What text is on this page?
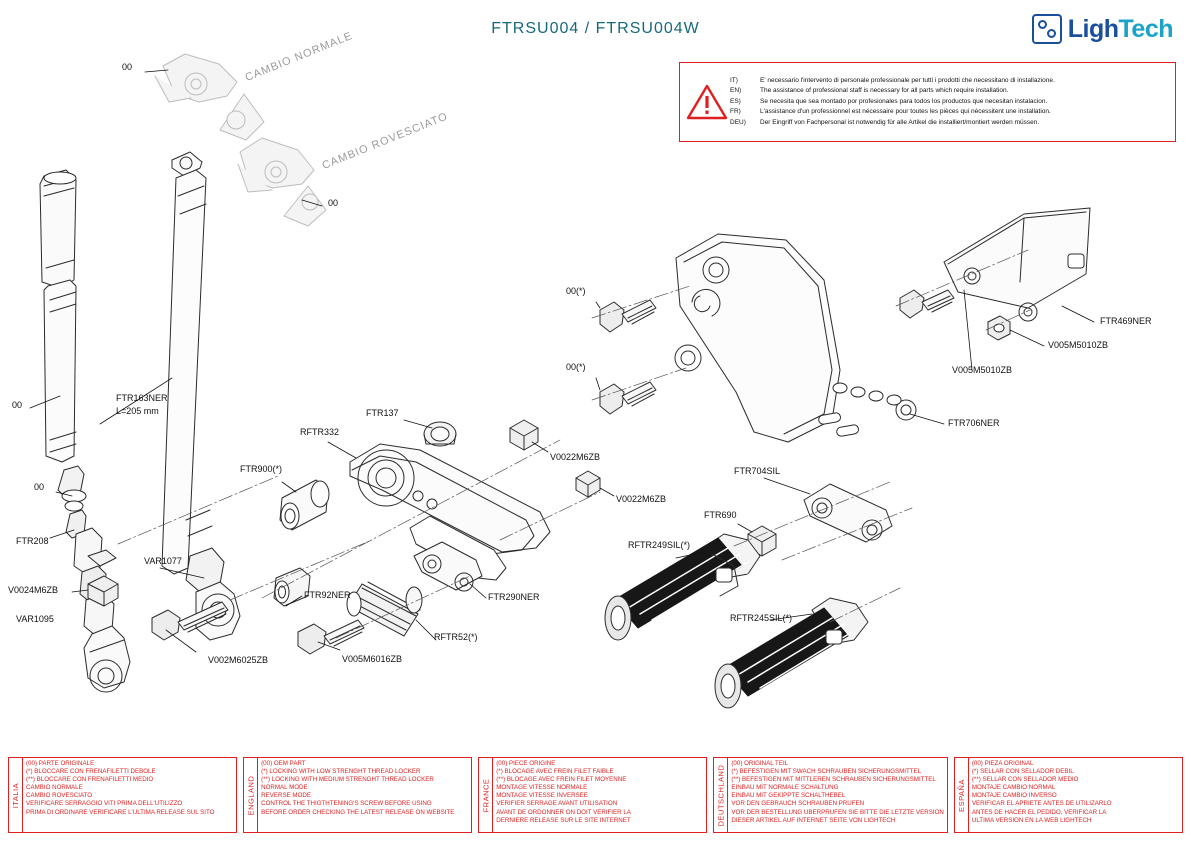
FTRSU004 / FTRSU004W	LighTech
CAMBIO NORMALE
CAMBIO ROVESCIATO
00
00
00
00
00(*)
00(*)
FTR163NER
L=205 mm
FTR208
V0024M6ZB
VAR1095
VAR1077
V002M6025ZB
RFTR332
FTR900(*)
FTR137
V0022M6ZB
V0022M6ZB
FTR92NER
V005M6016ZB
RFTR52(*)
FTR290NER
FTR704SIL
FTR690
RFTR249SIL(*)
RFTR245SIL(*)
FTR706NER
FTR469NER
V005M5010ZB
V005M5010ZB
IT)	E' necessario l'intervento di personale professionale per tutti i prodotti che necessitano di installazione.
EN)	The assistance of professional staff is necessary for all parts which require installation.
ES)	Se necesita que sea montado por profesionales para todos los productos que necesitan instalacion.
FR)	L'assistance d'un professionnel est nécessaire pour toutes les pièces qui nécessitent une installation.
DEU) Der Eingriff von Fachpersonal ist notwendig für alle Artikel die installiert/montiert werden müssen.
ITALIA
(00) PARTE ORIGINALE
(*) BLOCCARE CON FRENAFILETTI DEBOLE
(**) BLOCCARE CON FRENAFILETTI MEDIO
CAMBIO NORMALE
CAMBIO ROVESCIATO
VERIFICARE SERRAGGIO VITI PRIMA DELL'UTILIZZO
PRIMA DI ORDINARE VERIFICARE L'ULTIMA RELEASE SUL SITO	ENGLAND
(00) OEM PART
(*) LOCKING WITH LOW STRENGHT THREAD LOCKER
(**) LOCKING WITH MEDIUM STRENGHT THREAD LOCKER
NORMAL MODE
REVERSE MODE
CONTROL THE THIGTHTENING'S SCREW BEFORE USING
BEFORE ORDER CHECKING THE LATEST RELEASE ON WEBSITE
FRANCE
(00) PIECE ORIGINE
(*) BLOCAGE AVEC FREIN FILET FAIBLE
(**) BLOCAGE AVEC FREIN FILET MOYENNE
MONTAGE VITESSE NORMALE
MONTAGE VITESSE INVERSEE
VERIFIER SERRAGE AVANT UTILISATION
AVANT DE ORDONNER ON DOIT VERIFIER LA
DERNIERE RELEASE SUR LE SITE INTERNET	DEUTSCHLAND
(00) ORIGINAL TEIL
(*) BEFESTIGEN MIT SWACH SCHRAUBEN SICHERUNGSMITTEL
(**) BEFESTIGEN MIT MITTLEREN SCHRAUBEN SICHERUNGSMITTEL
EINBAU MIT NORMALE SCHALTUNG
EINBAU MIT GEKIPPTE SCHALTHEBEL
VOR DEN GEBRAUCH SCHRAUBEN PRÜFEN
VOR DER BESTELLUNG ÜBERPRÜFEN SIE BITTE DIE LETZTE VERSION
DIESER ARTIKEL AUF INTERNET SEITE VON LIGHTECH
ESPAÑA
(00) PIEZA ORIGINAL
(*) SELLAR CON SELLADOR DEBIL
(**) SELLAR CON SELLADOR MEDIO
MONTAJE CAMBIO NORMAL
MONTAJE CAMBIO INVERSO
VERIFICAR EL APRIETE ANTES DE UTILIZARLO
ANTES DE HACER EL PEDIDO, VERIFICAR LA
ULTIMA VERSION EN LA WEB LIGHTECH
